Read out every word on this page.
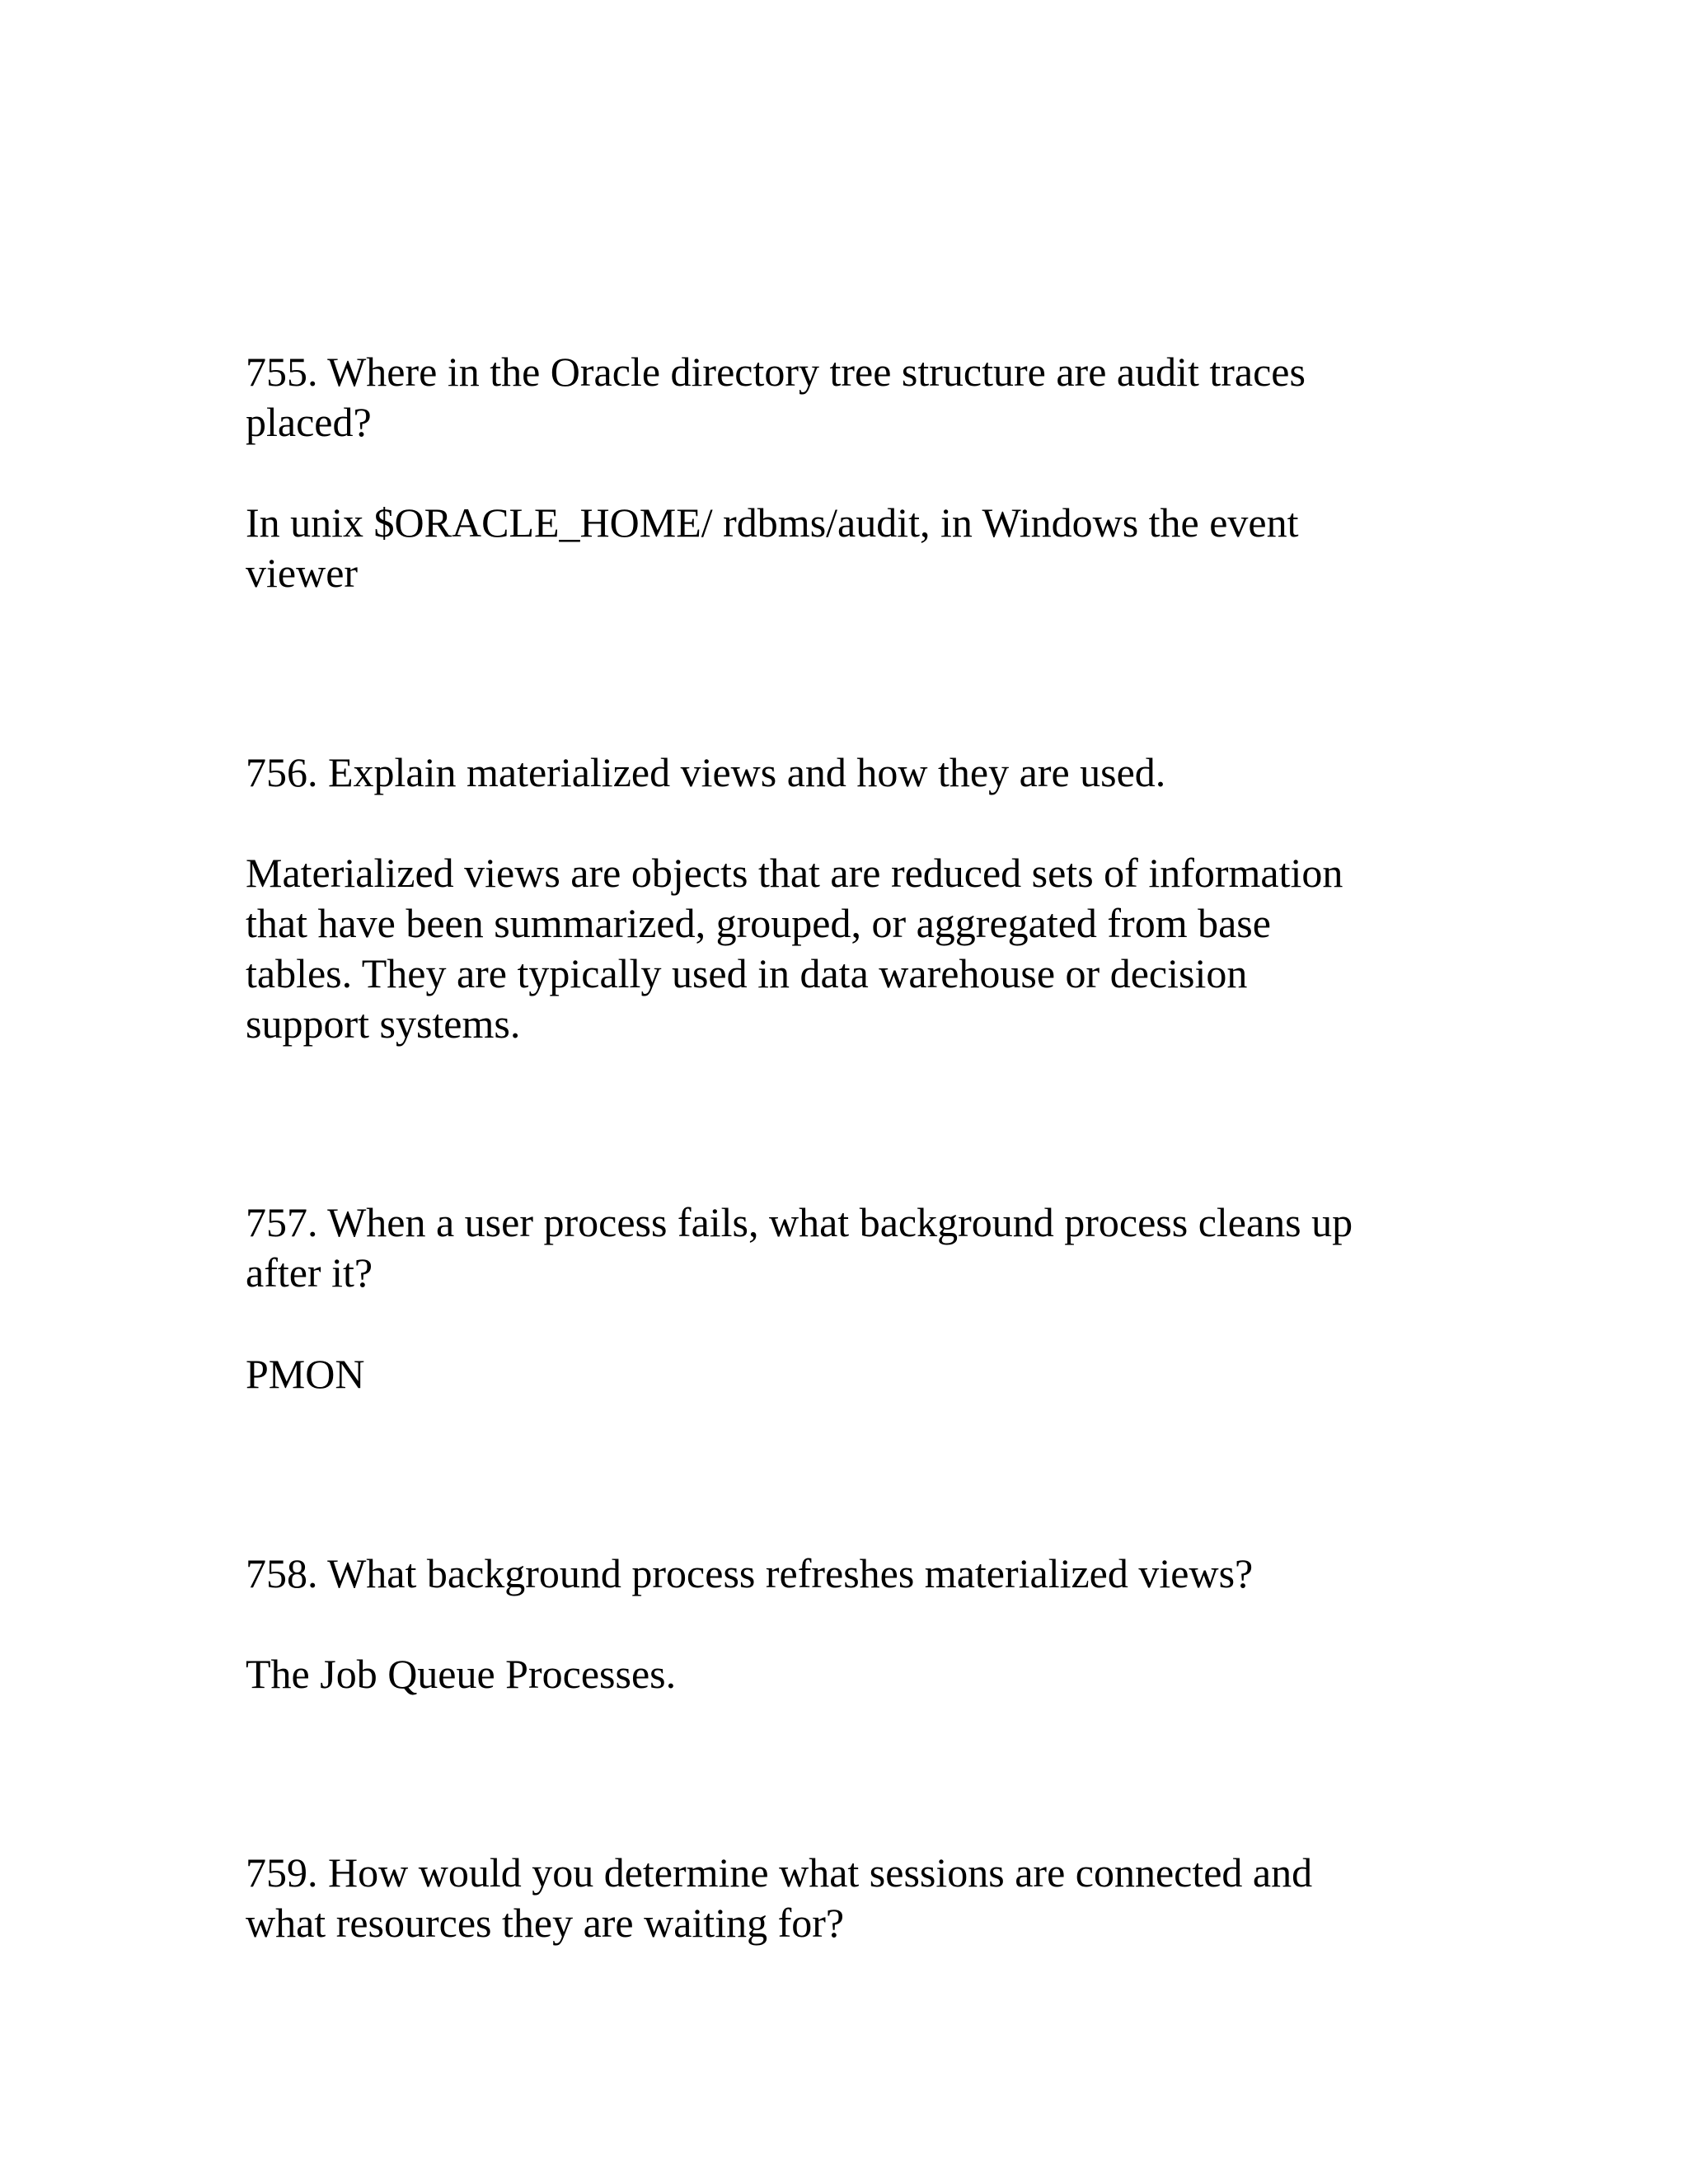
755. Where in the Oracle directory tree structure are audit traces
placed?

In unix $ORACLE_HOME/ rdbms/audit, in Windows the event
viewer

756. Explain materialized views and how they are used.

Materialized views are objects that are reduced sets of information
that have been summarized, grouped, or aggregated from base
tables. They are typically used in data warehouse or decision
support systems.

757. When a user process fails, what background process cleans up
after it?

PMON

758. What background process refreshes materialized views?

The Job Queue Processes.

759. How would you determine what sessions are connected and
what resources they are waiting for?
